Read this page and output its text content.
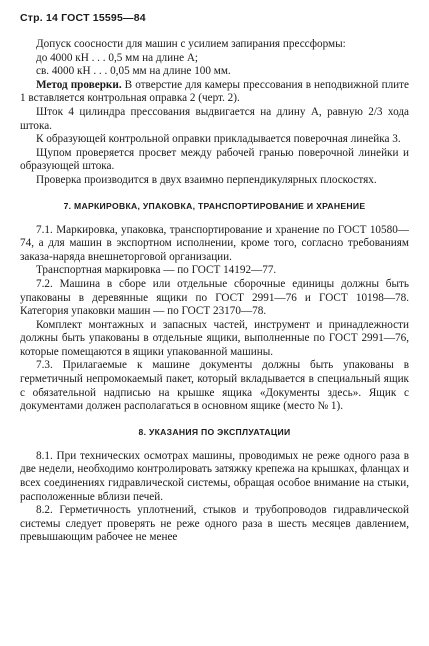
Стр. 14 ГОСТ 15595—84

Допуск соосности для машин с усилием запирания прессформы:

до 4000 кН . . . 0,5 мм на длине А;

св. 4000 кН . . . 0,05 мм на длине 100 мм.

Метод проверки. В отверстие для камеры прессования в неподвижной плите 1 вставляется контрольная оправка 2 (черт. 2).

Шток 4 цилиндра прессования выдвигается на длину А, равную 2/3 хода штока.

К образующей контрольной оправки прикладывается поверочная линейка 3.

Щупом проверяется просвет между рабочей гранью поверочной линейки и образующей штока.

Проверка производится в двух взаимно перпендикулярных плоскостях.

7. МАРКИРОВКА, УПАКОВКА, ТРАНСПОРТИРОВАНИЕ И ХРАНЕНИЕ

7.1. Маркировка, упаковка, транспортирование и хранение по ГОСТ 10580—74, а для машин в экспортном исполнении, кроме того, согласно требованиям заказа-наряда внешнеторговой организации.

Транспортная маркировка — по ГОСТ 14192—77.

7.2. Машина в сборе или отдельные сборочные единицы должны быть упакованы в деревянные ящики по ГОСТ 2991—76 и ГОСТ 10198—78. Категория упаковки машин — по ГОСТ 23170—78.

Комплект монтажных и запасных частей, инструмент и принадлежности должны быть упакованы в отдельные ящики, выполненные по ГОСТ 2991—76, которые помещаются в ящики упакованной машины.

7.3. Прилагаемые к машине документы должны быть упакованы в герметичный непромокаемый пакет, который вкладывается в специальный ящик с обязательной надписью на крышке ящика «Документы здесь». Ящик с документами должен располагаться в основном ящике (место № 1).

8. УКАЗАНИЯ ПО ЭКСПЛУАТАЦИИ

8.1. При технических осмотрах машины, проводимых не реже одного раза в две недели, необходимо контролировать затяжку крепежа на крышках, фланцах и всех соединениях гидравлической системы, обращая особое внимание на стыки, расположенные вблизи печей.

8.2. Герметичность уплотнений, стыков и трубопроводов гидравлической системы следует проверять не реже одного раза в шесть месяцев давлением, превышающим рабочее не менее
